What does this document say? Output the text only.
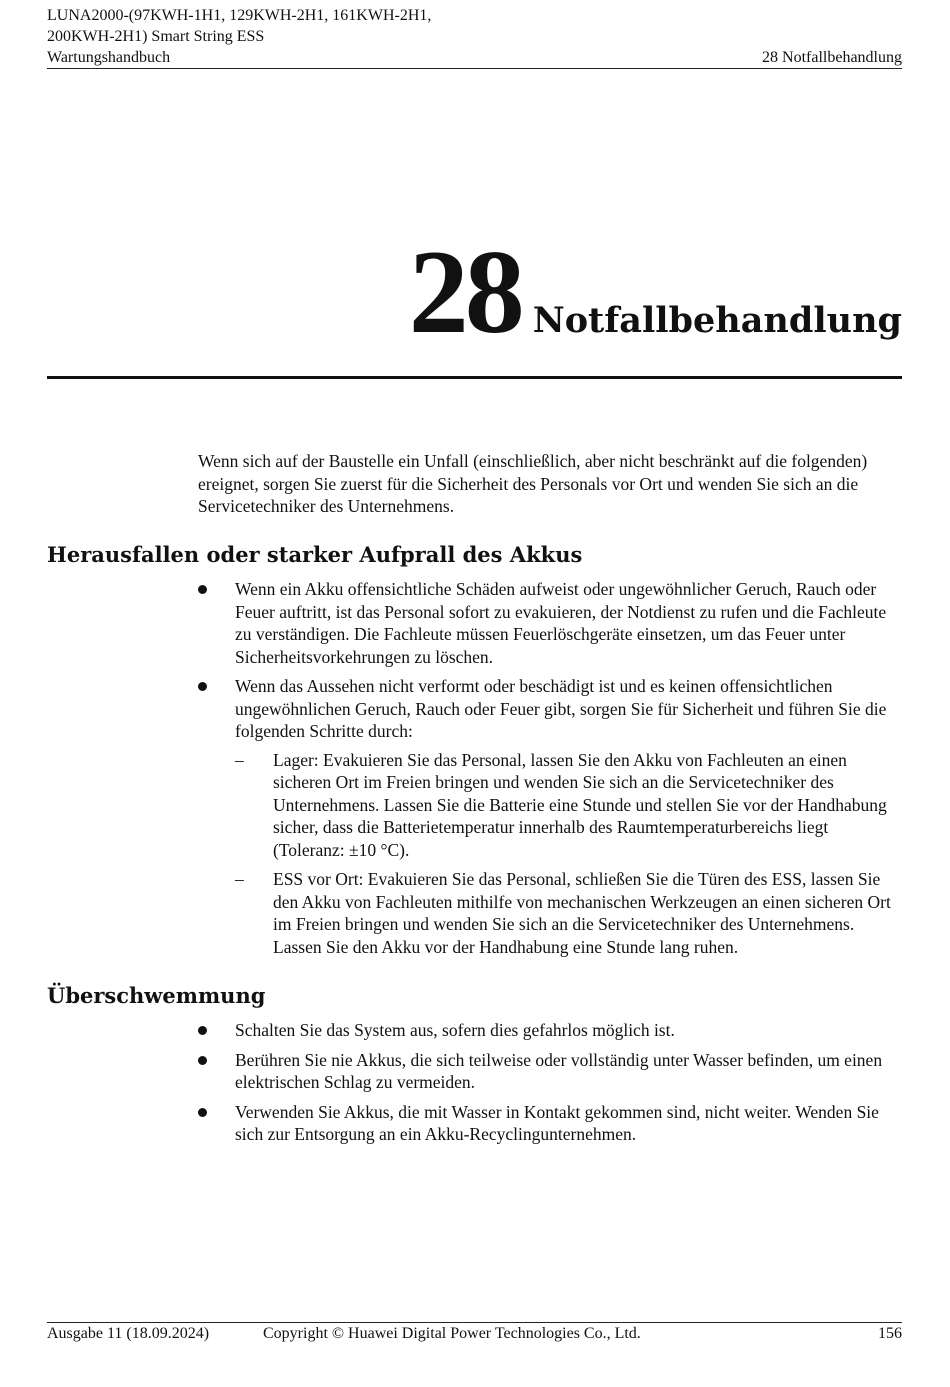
LUNA2000-(97KWH-1H1, 129KWH-2H1, 161KWH-2H1,
200KWH-2H1) Smart String ESS
Wartungshandbuch	28 Notfallbehandlung
28 Notfallbehandlung

Wenn sich auf der Baustelle ein Unfall (einschließlich, aber nicht beschränkt auf die folgenden) ereignet, sorgen Sie zuerst für die Sicherheit des Personals vor Ort und wenden Sie sich an die Servicetechniker des Unternehmens.

Herausfallen oder starker Aufprall des Akkus
Wenn ein Akku offensichtliche Schäden aufweist oder ungewöhnlicher Geruch, Rauch oder Feuer auftritt, ist das Personal sofort zu evakuieren, der Notdienst zu rufen und die Fachleute zu verständigen. Die Fachleute müssen Feuerlöschgeräte einsetzen, um das Feuer unter Sicherheitsvorkehrungen zu löschen.
Wenn das Aussehen nicht verformt oder beschädigt ist und es keinen offensichtlichen ungewöhnlichen Geruch, Rauch oder Feuer gibt, sorgen Sie für Sicherheit und führen Sie die folgenden Schritte durch:
– Lager: Evakuieren Sie das Personal, lassen Sie den Akku von Fachleuten an einen sicheren Ort im Freien bringen und wenden Sie sich an die Servicetechniker des Unternehmens. Lassen Sie die Batterie eine Stunde und stellen Sie vor der Handhabung sicher, dass die Batterietemperatur innerhalb des Raumtemperaturbereichs liegt (Toleranz: ±10 °C).
– ESS vor Ort: Evakuieren Sie das Personal, schließen Sie die Türen des ESS, lassen Sie den Akku von Fachleuten mithilfe von mechanischen Werkzeugen an einen sicheren Ort im Freien bringen und wenden Sie sich an die Servicetechniker des Unternehmens. Lassen Sie den Akku vor der Handhabung eine Stunde lang ruhen.
Überschwemmung
Schalten Sie das System aus, sofern dies gefahrlos möglich ist.
Berühren Sie nie Akkus, die sich teilweise oder vollständig unter Wasser befinden, um einen elektrischen Schlag zu vermeiden.
Verwenden Sie Akkus, die mit Wasser in Kontakt gekommen sind, nicht weiter. Wenden Sie sich zur Entsorgung an ein Akku-Recyclingunternehmen.
Ausgabe 11 (18.09.2024)	Copyright © Huawei Digital Power Technologies Co., Ltd.	156
